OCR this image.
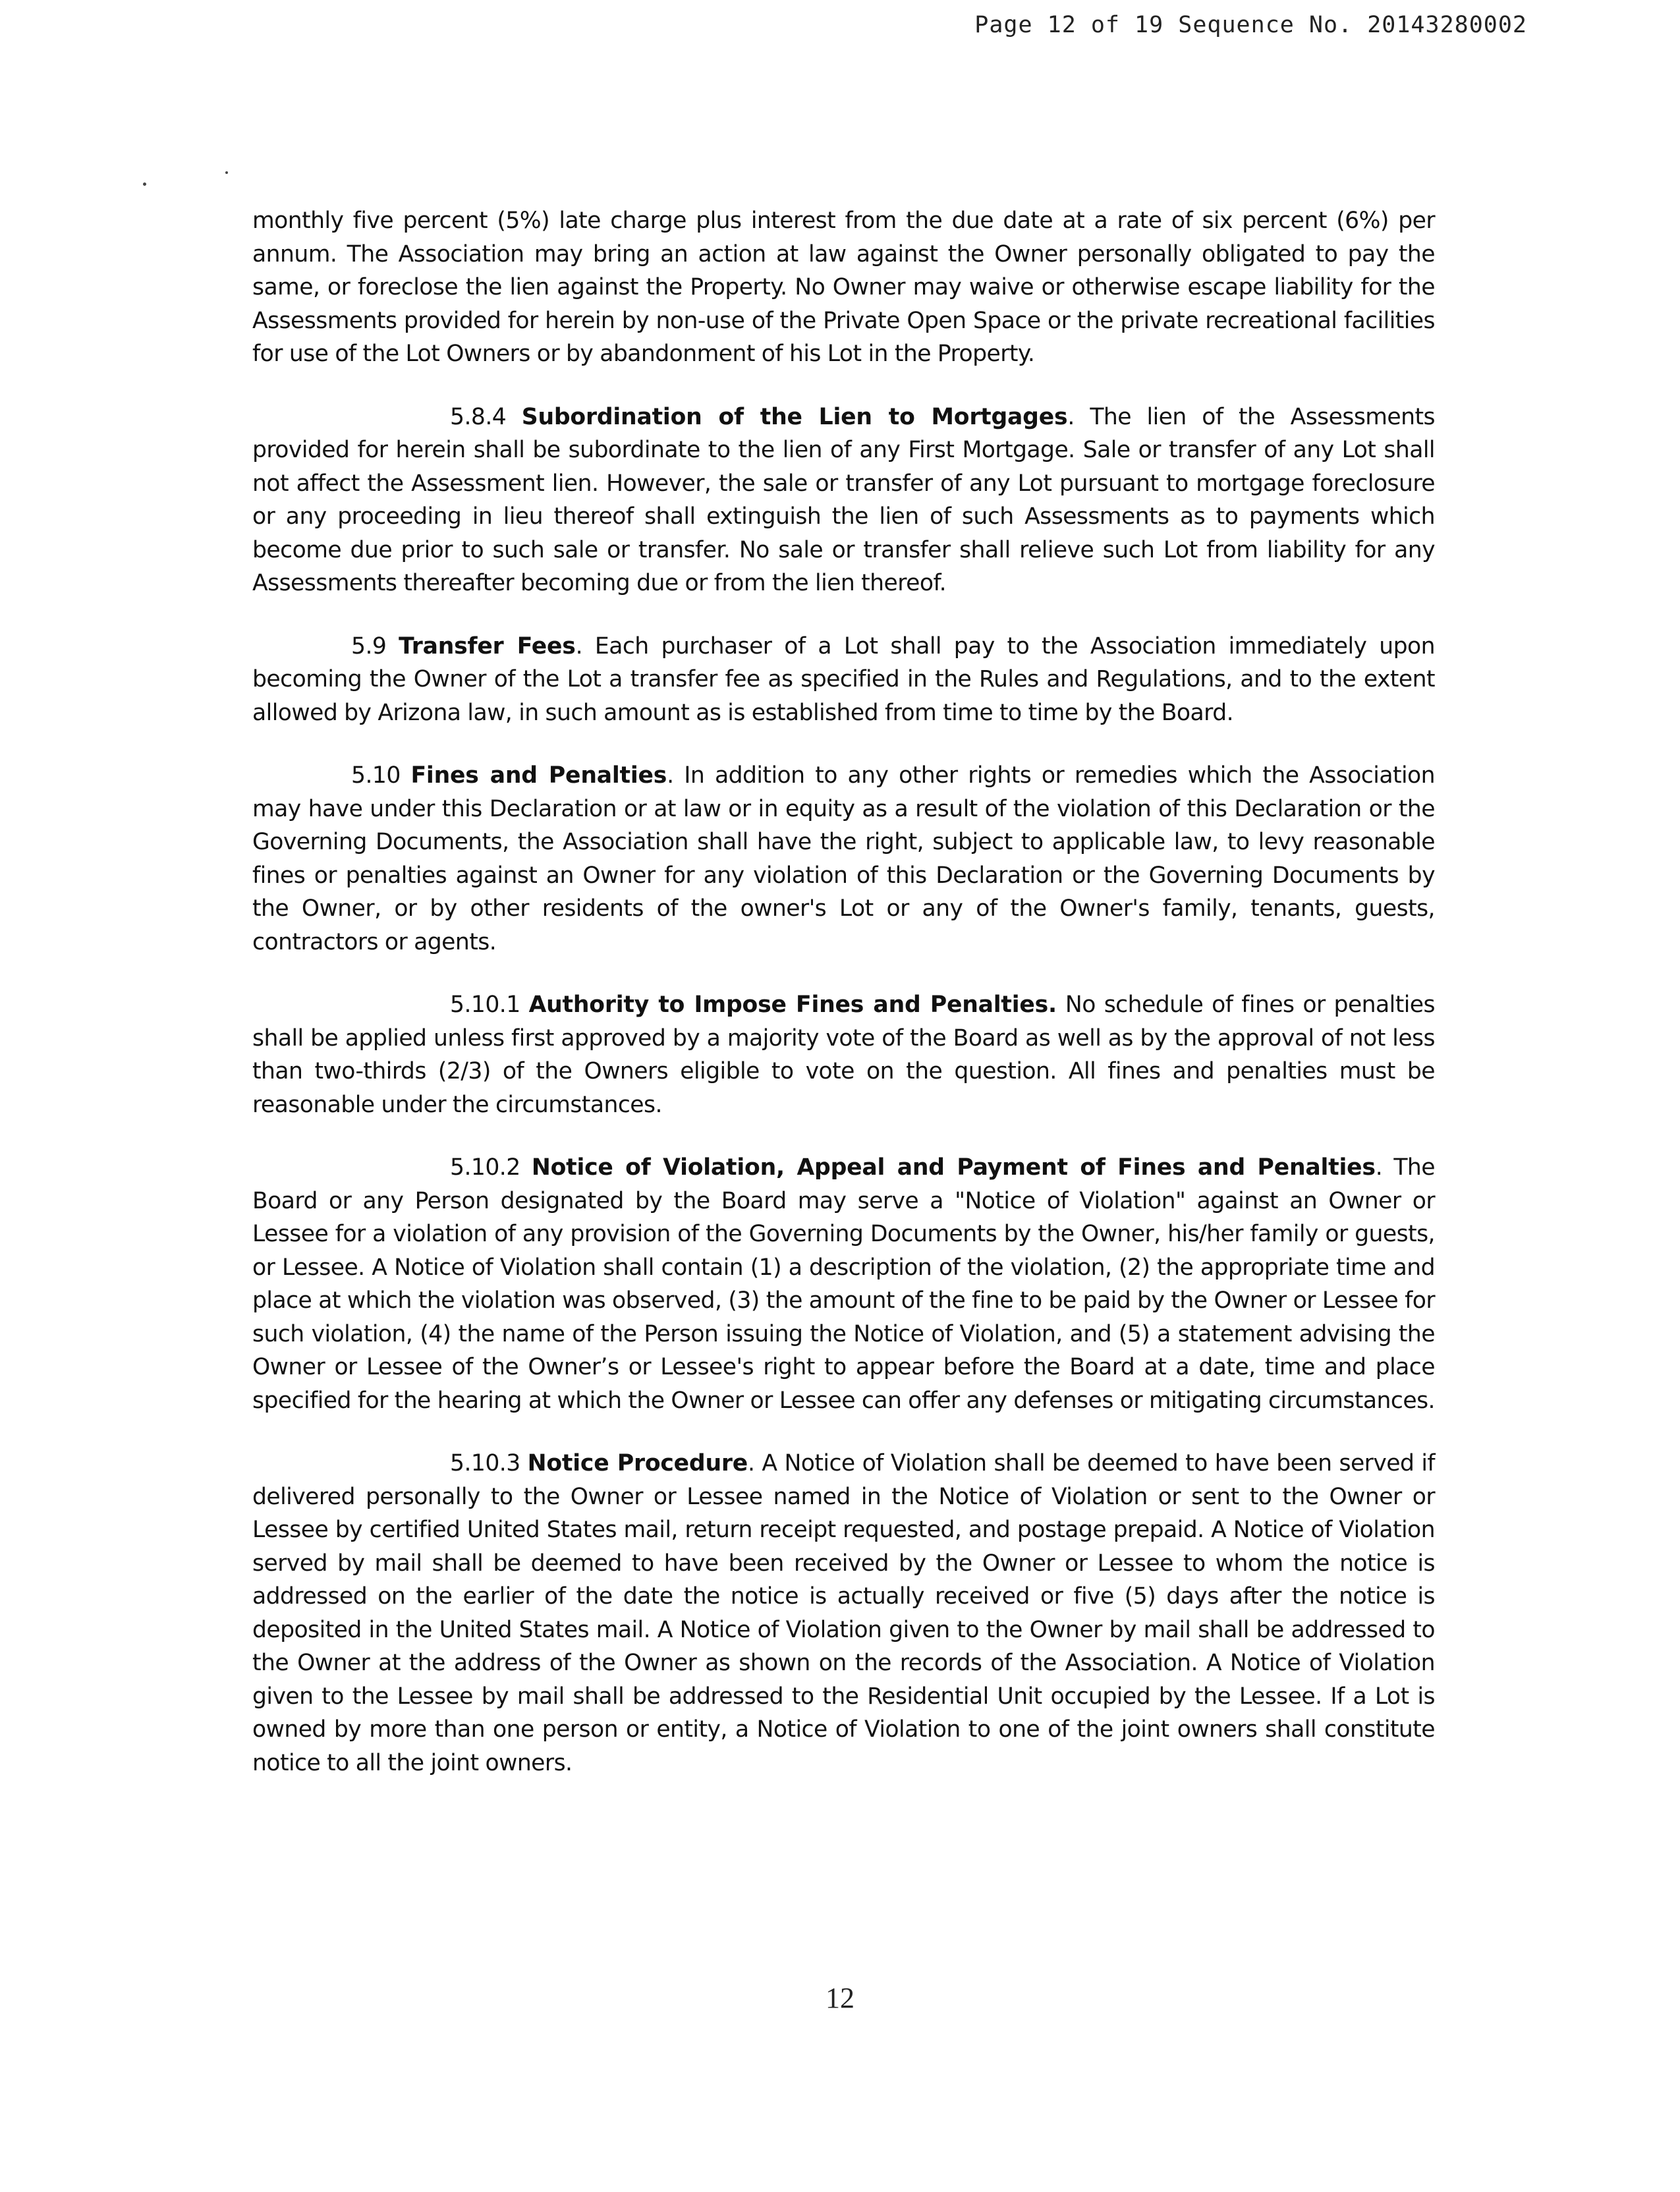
Page 12 of 19 Sequence No. 20143280002

monthly five percent (5%) late charge plus interest from the due date at a rate of six percent (6%) per annum. The Association may bring an action at law against the Owner personally obligated to pay the same, or foreclose the lien against the Property. No Owner may waive or otherwise escape liability for the Assessments provided for herein by non-use of the Private Open Space or the private recreational facilities for use of the Lot Owners or by abandonment of his Lot in the Property.

5.8.4 Subordination of the Lien to Mortgages. The lien of the Assessments provided for herein shall be subordinate to the lien of any First Mortgage. Sale or transfer of any Lot shall not affect the Assessment lien. However, the sale or transfer of any Lot pursuant to mortgage foreclosure or any proceeding in lieu thereof shall extinguish the lien of such Assessments as to payments which become due prior to such sale or transfer. No sale or transfer shall relieve such Lot from liability for any Assessments thereafter becoming due or from the lien thereof.

5.9 Transfer Fees. Each purchaser of a Lot shall pay to the Association immediately upon becoming the Owner of the Lot a transfer fee as specified in the Rules and Regulations, and to the extent allowed by Arizona law, in such amount as is established from time to time by the Board.

5.10 Fines and Penalties. In addition to any other rights or remedies which the Association may have under this Declaration or at law or in equity as a result of the violation of this Declaration or the Governing Documents, the Association shall have the right, subject to applicable law, to levy reasonable fines or penalties against an Owner for any violation of this Declaration or the Governing Documents by the Owner, or by other residents of the owner's Lot or any of the Owner's family, tenants, guests, contractors or agents.

5.10.1 Authority to Impose Fines and Penalties. No schedule of fines or penalties shall be applied unless first approved by a majority vote of the Board as well as by the approval of not less than two-thirds (2/3) of the Owners eligible to vote on the question. All fines and penalties must be reasonable under the circumstances.

5.10.2 Notice of Violation, Appeal and Payment of Fines and Penalties. The Board or any Person designated by the Board may serve a "Notice of Violation" against an Owner or Lessee for a violation of any provision of the Governing Documents by the Owner, his/her family or guests, or Lessee. A Notice of Violation shall contain (1) a description of the violation, (2) the appropriate time and place at which the violation was observed, (3) the amount of the fine to be paid by the Owner or Lessee for such violation, (4) the name of the Person issuing the Notice of Violation, and (5) a statement advising the Owner or Lessee of the Owner’s or Lessee's right to appear before the Board at a date, time and place specified for the hearing at which the Owner or Lessee can offer any defenses or mitigating circumstances.

5.10.3 Notice Procedure. A Notice of Violation shall be deemed to have been served if delivered personally to the Owner or Lessee named in the Notice of Violation or sent to the Owner or Lessee by certified United States mail, return receipt requested, and postage prepaid. A Notice of Violation served by mail shall be deemed to have been received by the Owner or Lessee to whom the notice is addressed on the earlier of the date the notice is actually received or five (5) days after the notice is deposited in the United States mail. A Notice of Violation given to the Owner by mail shall be addressed to the Owner at the address of the Owner as shown on the records of the Association. A Notice of Violation given to the Lessee by mail shall be addressed to the Residential Unit occupied by the Lessee. If a Lot is owned by more than one person or entity, a Notice of Violation to one of the joint owners shall constitute notice to all the joint owners.

12
